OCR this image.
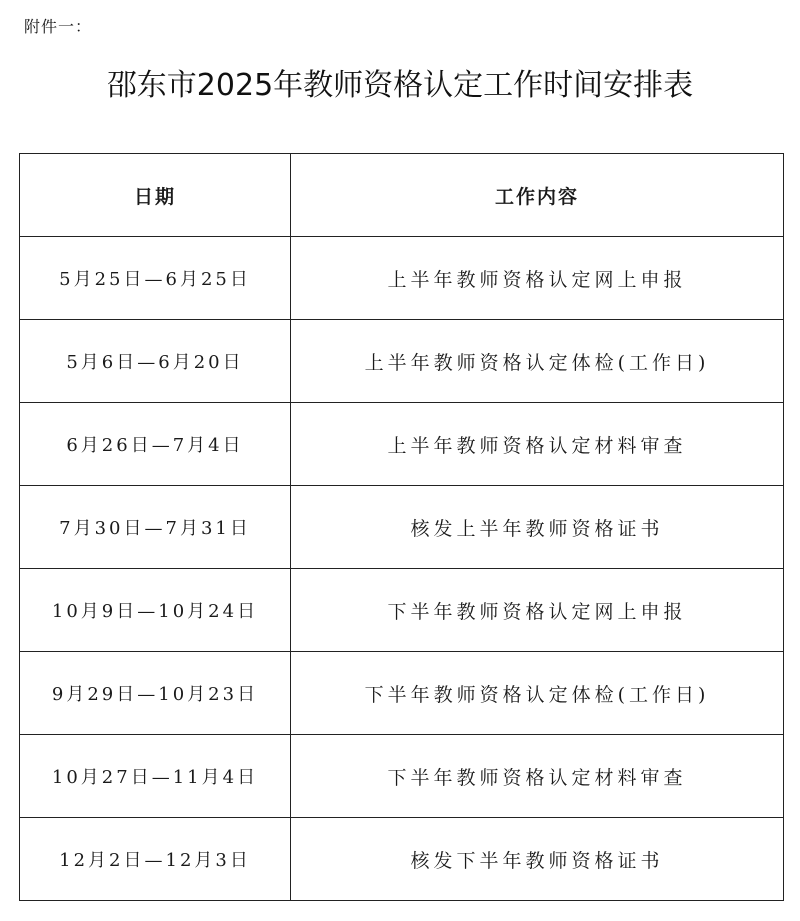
附件一：
邵东市2025年教师资格认定工作时间安排表
日期	工作内容
5月25日—6月25日	上半年教师资格认定网上申报
5月6日—6月20日	上半年教师资格认定体检(工作日)
6月26日—7月4日	上半年教师资格认定材料审查
7月30日—7月31日	核发上半年教师资格证书
10月9日—10月24日	下半年教师资格认定网上申报
9月29日—10月23日	下半年教师资格认定体检(工作日)
10月27日—11月4日	下半年教师资格认定材料审查
12月2日—12月3日	核发下半年教师资格证书
